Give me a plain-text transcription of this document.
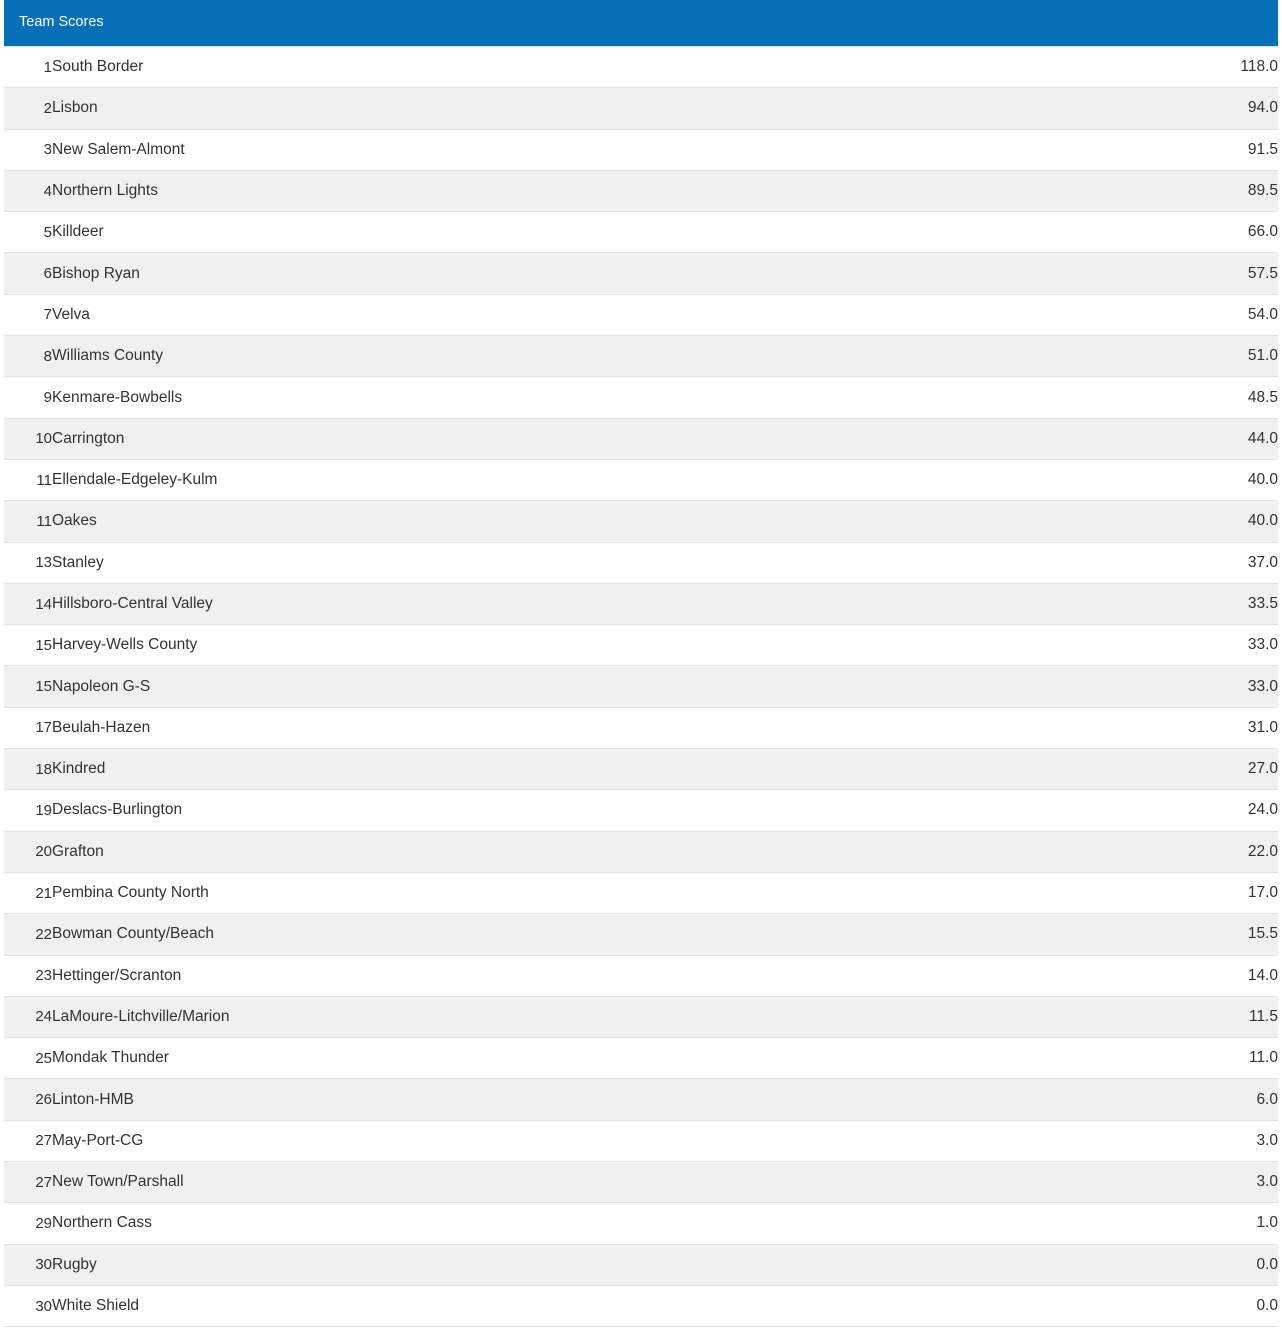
Team Scores
1	South Border	118.0
2	Lisbon	94.0
3	New Salem-Almont	91.5
4	Northern Lights	89.5
5	Killdeer	66.0
6	Bishop Ryan	57.5
7	Velva	54.0
8	Williams County	51.0
9	Kenmare-Bowbells	48.5
10	Carrington	44.0
11	Ellendale-Edgeley-Kulm	40.0
11	Oakes	40.0
13	Stanley	37.0
14	Hillsboro-Central Valley	33.5
15	Harvey-Wells County	33.0
15	Napoleon G-S	33.0
17	Beulah-Hazen	31.0
18	Kindred	27.0
19	Deslacs-Burlington	24.0
20	Grafton	22.0
21	Pembina County North	17.0
22	Bowman County/Beach	15.5
23	Hettinger/Scranton	14.0
24	LaMoure-Litchville/Marion	11.5
25	Mondak Thunder	11.0
26	Linton-HMB	6.0
27	May-Port-CG	3.0
27	New Town/Parshall	3.0
29	Northern Cass	1.0
30	Rugby	0.0
30	White Shield	0.0
